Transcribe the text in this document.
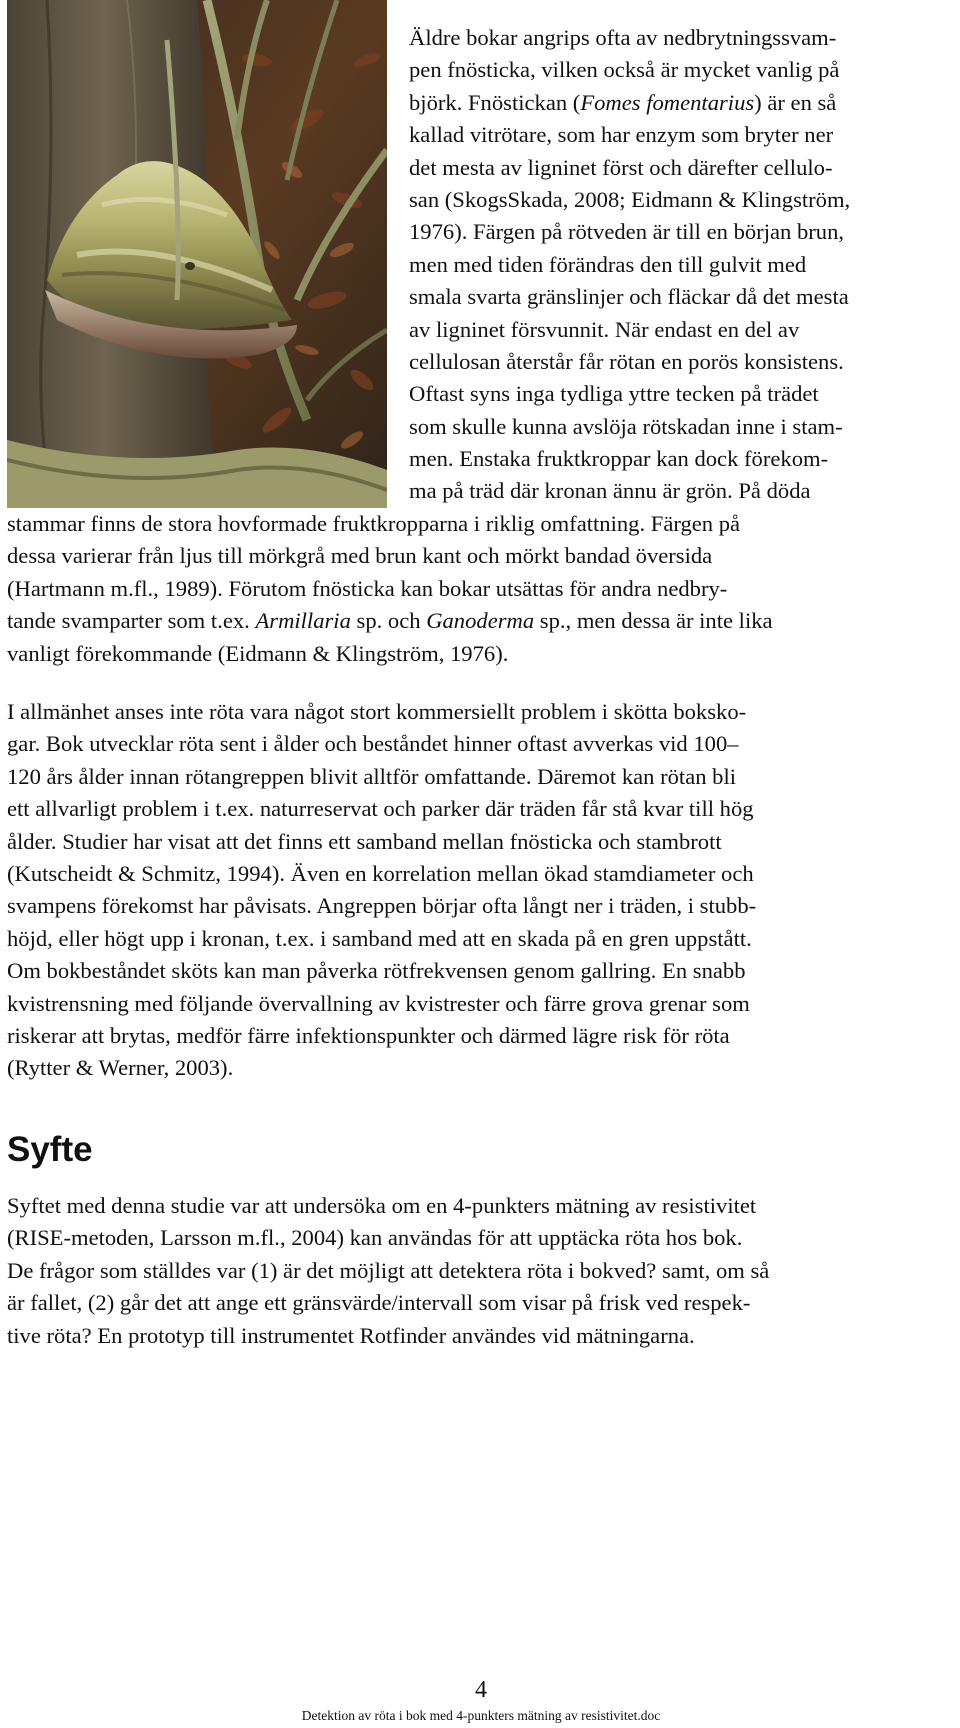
Äldre bokar angrips ofta av nedbrytningssvam-
pen fnösticka, vilken också är mycket vanlig på
björk. Fnöstickan (Fomes fomentarius) är en så
kallad vitrötare, som har enzym som bryter ner
det mesta av ligninet först och därefter cellulo-
san (SkogsSkada, 2008; Eidmann & Klingström,
1976). Färgen på rötveden är till en början brun,
men med tiden förändras den till gulvit med
smala svarta gränslinjer och fläckar då det mesta
av ligninet försvunnit. När endast en del av
cellulosan återstår får rötan en porös konsistens.
Oftast syns inga tydliga yttre tecken på trädet
som skulle kunna avslöja rötskadan inne i stam-
men. Enstaka fruktkroppar kan dock förekom-
ma på träd där kronan ännu är grön. På döda
stammar finns de stora hovformade fruktkropparna i riklig omfattning. Färgen på
dessa varierar från ljus till mörkgrå med brun kant och mörkt bandad översida
(Hartmann m.fl., 1989). Förutom fnösticka kan bokar utsättas för andra nedbry-
tande svamparter som t.ex. Armillaria sp. och Ganoderma sp., men dessa är inte lika
vanligt förekommande (Eidmann & Klingström, 1976).
I allmänhet anses inte röta vara något stort kommersiellt problem i skötta boksko-
gar. Bok utvecklar röta sent i ålder och beståndet hinner oftast avverkas vid 100–
120 års ålder innan rötangreppen blivit alltför omfattande. Däremot kan rötan bli
ett allvarligt problem i t.ex. naturreservat och parker där träden får stå kvar till hög
ålder. Studier har visat att det finns ett samband mellan fnösticka och stambrott
(Kutscheidt & Schmitz, 1994). Även en korrelation mellan ökad stamdiameter och
svampens förekomst har påvisats. Angreppen börjar ofta långt ner i träden, i stubb-
höjd, eller högt upp i kronan, t.ex. i samband med att en skada på en gren uppstått.
Om bokbeståndet sköts kan man påverka rötfrekvensen genom gallring. En snabb
kvistrensning med följande övervallning av kvistrester och färre grova grenar som
riskerar att brytas, medför färre infektionspunkter och därmed lägre risk för röta
(Rytter & Werner, 2003).
Syfte
Syftet med denna studie var att undersöka om en 4-punkters mätning av resistivitet
(RISE-metoden, Larsson m.fl., 2004) kan användas för att upptäcka röta hos bok.
De frågor som ställdes var (1) är det möjligt att detektera röta i bokved? samt, om så
är fallet, (2) går det att ange ett gränsvärde/intervall som visar på frisk ved respek-
tive röta? En prototyp till instrumentet Rotfinder användes vid mätningarna.
4
Detektion av röta i bok med 4-punkters mätning av resistivitet.doc
